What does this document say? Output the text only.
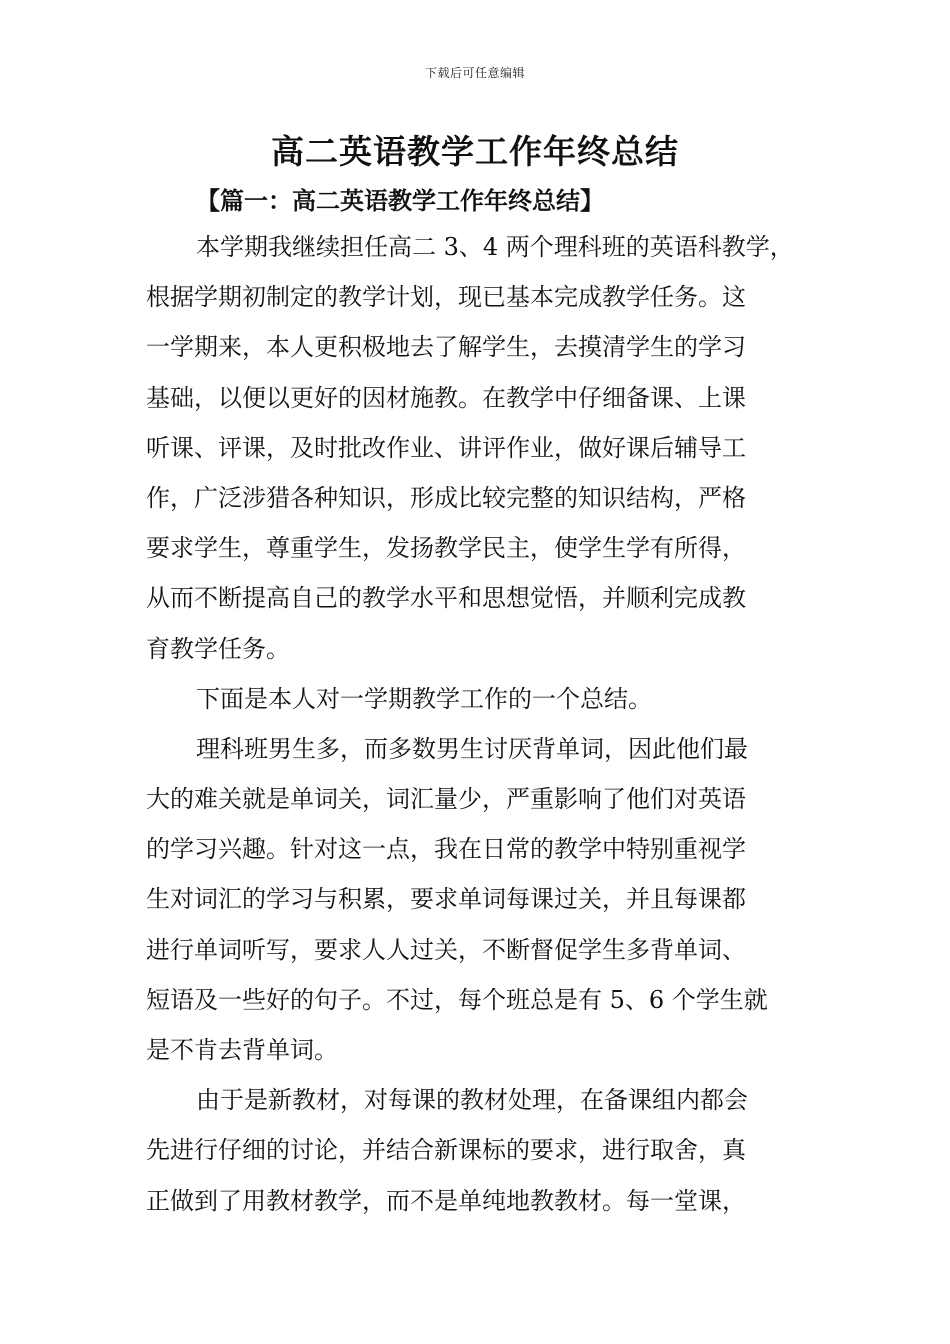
下载后可任意编辑
高二英语教学工作年终总结
【篇一：高二英语教学工作年终总结】

本学期我继续担任高二 3、4 两个理科班的英语科教学，
根据学期初制定的教学计划，现已基本完成教学任务。这
一学期来，本人更积极地去了解学生，去摸清学生的学习
基础，以便以更好的因材施教。在教学中仔细备课、上课
听课、评课，及时批改作业、讲评作业，做好课后辅导工
作，广泛涉猎各种知识，形成比较完整的知识结构，严格
要求学生，尊重学生，发扬教学民主，使学生学有所得，
从而不断提高自己的教学水平和思想觉悟，并顺利完成教
育教学任务。

下面是本人对一学期教学工作的一个总结。

理科班男生多，而多数男生讨厌背单词，因此他们最
大的难关就是单词关，词汇量少，严重影响了他们对英语
的学习兴趣。针对这一点，我在日常的教学中特别重视学
生对词汇的学习与积累，要求单词每课过关，并且每课都
进行单词听写，要求人人过关，不断督促学生多背单词、
短语及一些好的句子。不过，每个班总是有 5、6 个学生就
是不肯去背单词。

由于是新教材，对每课的教材处理，在备课组内都会
先进行仔细的讨论，并结合新课标的要求，进行取舍，真
正做到了用教材教学，而不是单纯地教教材。每一堂课，
